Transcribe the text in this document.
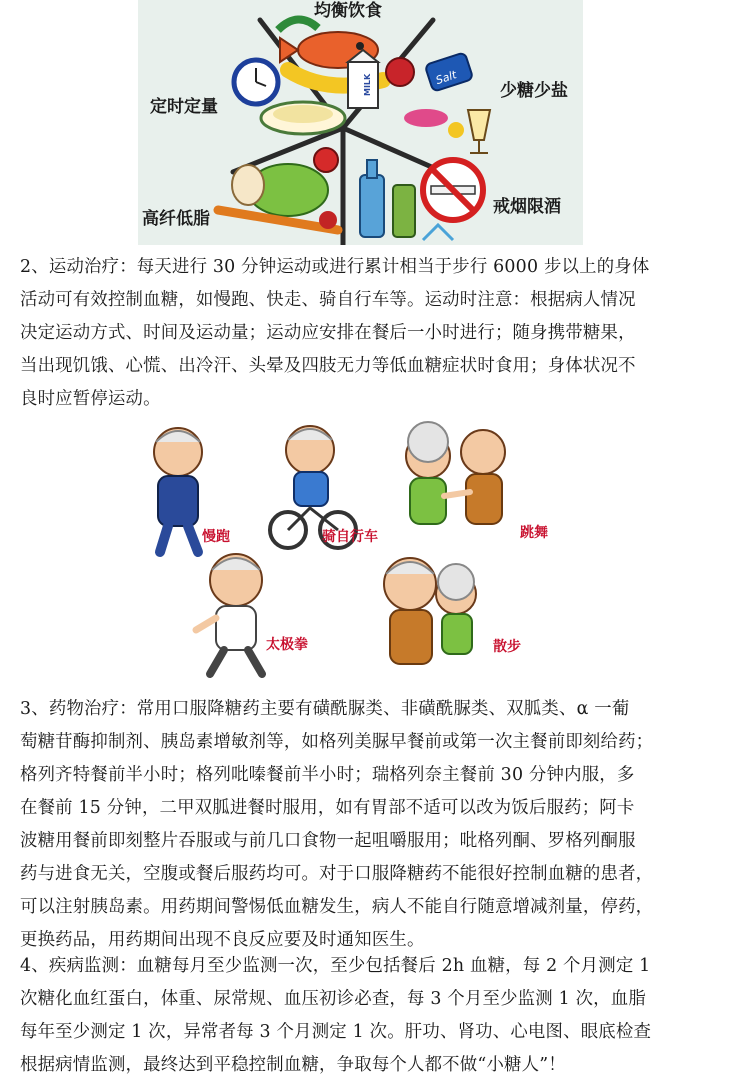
MILK	Salt
均衡饮食
定时定量
少糖少盐
高纤低脂
戒烟限酒
2、运动治疗：每天进行 30 分钟运动或进行累计相当于步行 6000 步以上的身体
活动可有效控制血糖，如慢跑、快走、骑自行车等。运动时注意：根据病人情况
决定运动方式、时间及运动量；运动应安排在餐后一小时进行；随身携带糖果，
当出现饥饿、心慌、出冷汗、头晕及四肢无力等低血糖症状时食用；身体状况不
良时应暂停运动。
慢跑	骑自行车	跳舞
太极拳	散步
3、药物治疗：常用口服降糖药主要有磺酰脲类、非磺酰脲类、双胍类、α 一葡
萄糖苷酶抑制剂、胰岛素增敏剂等，如格列美脲早餐前或第一次主餐前即刻给药；
格列齐特餐前半小时；格列吡嗪餐前半小时；瑞格列奈主餐前 30 分钟内服，多
在餐前 15 分钟，二甲双胍进餐时服用，如有胃部不适可以改为饭后服药；阿卡
波糖用餐前即刻整片吞服或与前几口食物一起咀嚼服用；吡格列酮、罗格列酮服
药与进食无关，空腹或餐后服药均可。对于口服降糖药不能很好控制血糖的患者，
可以注射胰岛素。用药期间警惕低血糖发生，病人不能自行随意增减剂量，停药，
更换药品，用药期间出现不良反应要及时通知医生。
4、疾病监测：血糖每月至少监测一次，至少包括餐后 2h 血糖，每 2 个月测定 1
次糖化血红蛋白，体重、尿常规、血压初诊必查，每 3 个月至少监测 1 次，血脂
每年至少测定 1 次，异常者每 3 个月测定 1 次。肝功、肾功、心电图、眼底检查
根据病情监测，最终达到平稳控制血糖，争取每个人都不做“小糖人”！
